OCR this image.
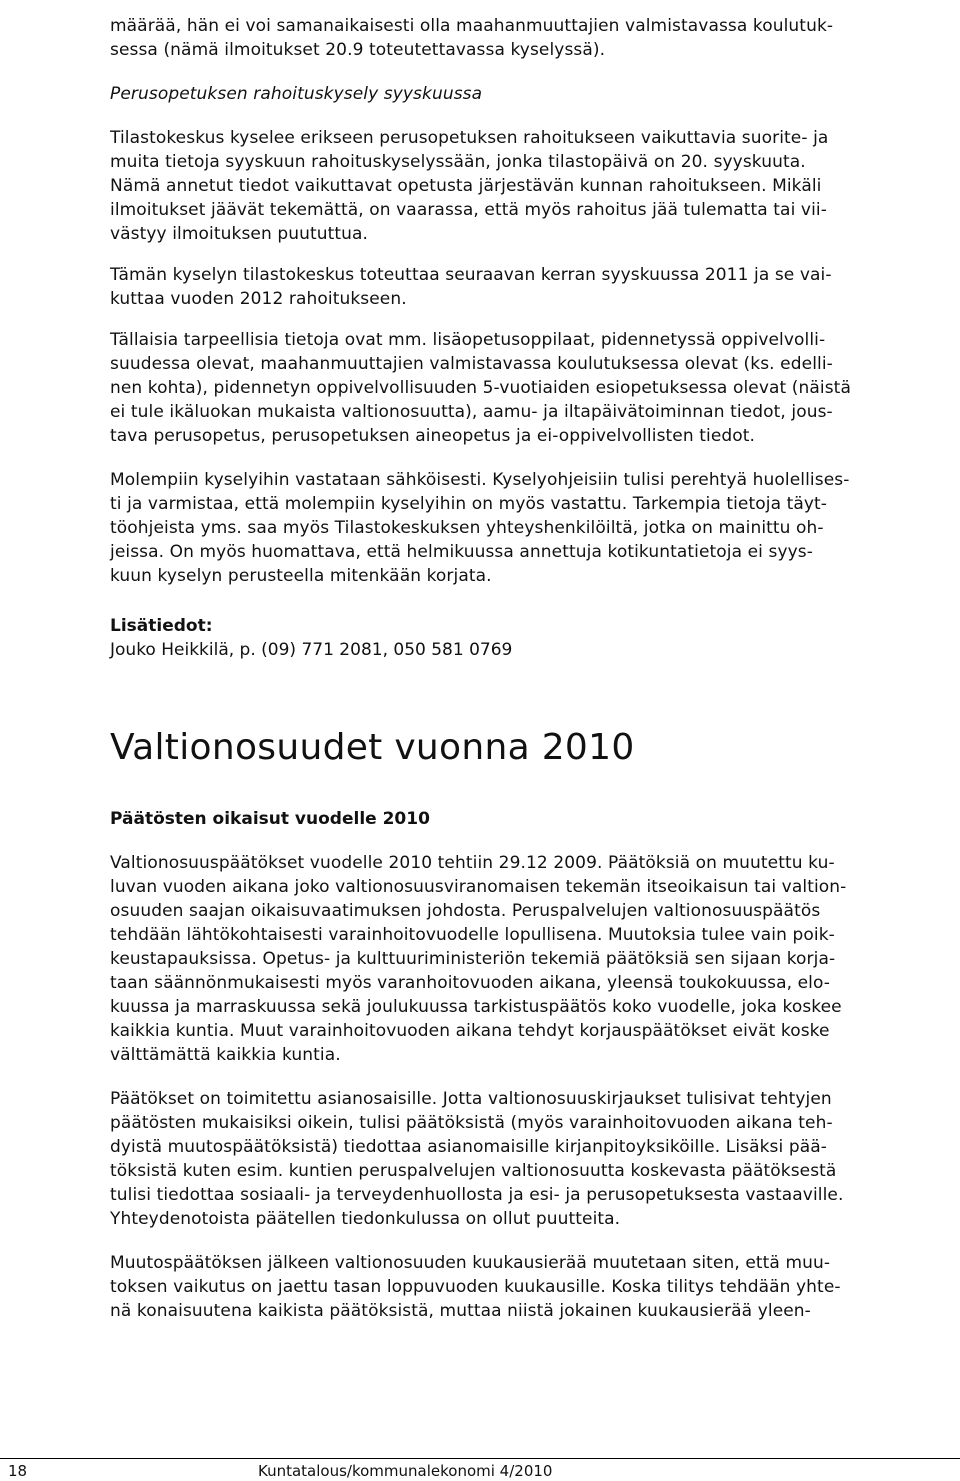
määrää, hän ei voi samanaikaisesti olla maahanmuuttajien valmistavassa koulutuk-
sessa (nämä ilmoitukset 20.9 toteutettavassa kyselyssä).
Perusopetuksen rahoituskysely syyskuussa
Tilastokeskus kyselee erikseen perusopetuksen rahoitukseen vaikuttavia suorite- ja
muita tietoja syyskuun rahoituskyselyssään, jonka tilastopäivä on 20. syyskuuta.
Nämä annetut tiedot vaikuttavat opetusta järjestävän kunnan rahoitukseen. Mikäli
ilmoitukset jäävät tekemättä, on vaarassa, että myös rahoitus jää tulematta tai vii-
västyy ilmoituksen puututtua.
Tämän kyselyn tilastokeskus toteuttaa seuraavan kerran syyskuussa 2011 ja se vai-
kuttaa vuoden 2012 rahoitukseen.
Tällaisia tarpeellisia tietoja ovat mm. lisäopetusoppilaat, pidennetyssä oppivelvolli-
suudessa olevat, maahanmuuttajien valmistavassa koulutuksessa olevat (ks. edelli-
nen kohta), pidennetyn oppivelvollisuuden 5-vuotiaiden esiopetuksessa olevat (näistä
ei tule ikäluokan mukaista valtionosuutta), aamu- ja iltapäivätoiminnan tiedot, jous-
tava perusopetus, perusopetuksen aineopetus ja ei-oppivelvollisten tiedot.
Molempiin kyselyihin vastataan sähköisesti. Kyselyohjeisiin tulisi perehtyä huolellises-
ti ja varmistaa, että molempiin kyselyihin on myös vastattu. Tarkempia tietoja täyt-
töohjeista yms. saa myös Tilastokeskuksen yhteyshenkilöiltä, jotka on mainittu oh-
jeissa. On myös huomattava, että helmikuussa annettuja kotikuntatietoja ei syys-
kuun kyselyn perusteella mitenkään korjata.
Lisätiedot:
Jouko Heikkilä, p. (09) 771 2081, 050 581 0769
Valtionosuudet vuonna 2010
Päätösten oikaisut vuodelle 2010
Valtionosuuspäätökset vuodelle 2010 tehtiin 29.12 2009. Päätöksiä on muutettu ku-
luvan vuoden aikana joko valtionosuusviranomaisen tekemän itseoikaisun tai valtion-
osuuden saajan oikaisuvaatimuksen johdosta. Peruspalvelujen valtionosuuspäätös
tehdään lähtökohtaisesti varainhoitovuodelle lopullisena. Muutoksia tulee vain poik-
keustapauksissa. Opetus- ja kulttuuriministeriön tekemiä päätöksiä sen sijaan korja-
taan säännönmukaisesti myös varanhoitovuoden aikana, yleensä toukokuussa, elo-
kuussa ja marraskuussa sekä joulukuussa tarkistuspäätös koko vuodelle, joka koskee
kaikkia kuntia. Muut varainhoitovuoden aikana tehdyt korjauspäätökset eivät koske
välttämättä kaikkia kuntia.
Päätökset on toimitettu asianosaisille. Jotta valtionosuuskirjaukset tulisivat tehtyjen
päätösten mukaisiksi oikein, tulisi päätöksistä (myös varainhoitovuoden aikana teh-
dyistä muutospäätöksistä) tiedottaa asianomaisille kirjanpitoyksiköille. Lisäksi pää-
töksistä kuten esim. kuntien peruspalvelujen valtionosuutta koskevasta päätöksestä
tulisi tiedottaa sosiaali- ja terveydenhuollosta ja esi- ja perusopetuksesta vastaaville.
Yhteydenotoista päätellen tiedonkulussa on ollut puutteita.
Muutospäätöksen jälkeen valtionosuuden kuukausierää muutetaan siten, että muu-
toksen vaikutus on jaettu tasan loppuvuoden kuukausille. Koska tilitys tehdään yhte-
nä konaisuutena kaikista päätöksistä, muttaa niistä jokainen kuukausierää yleen-
18	Kuntatalous/kommunalekonomi 4/2010
